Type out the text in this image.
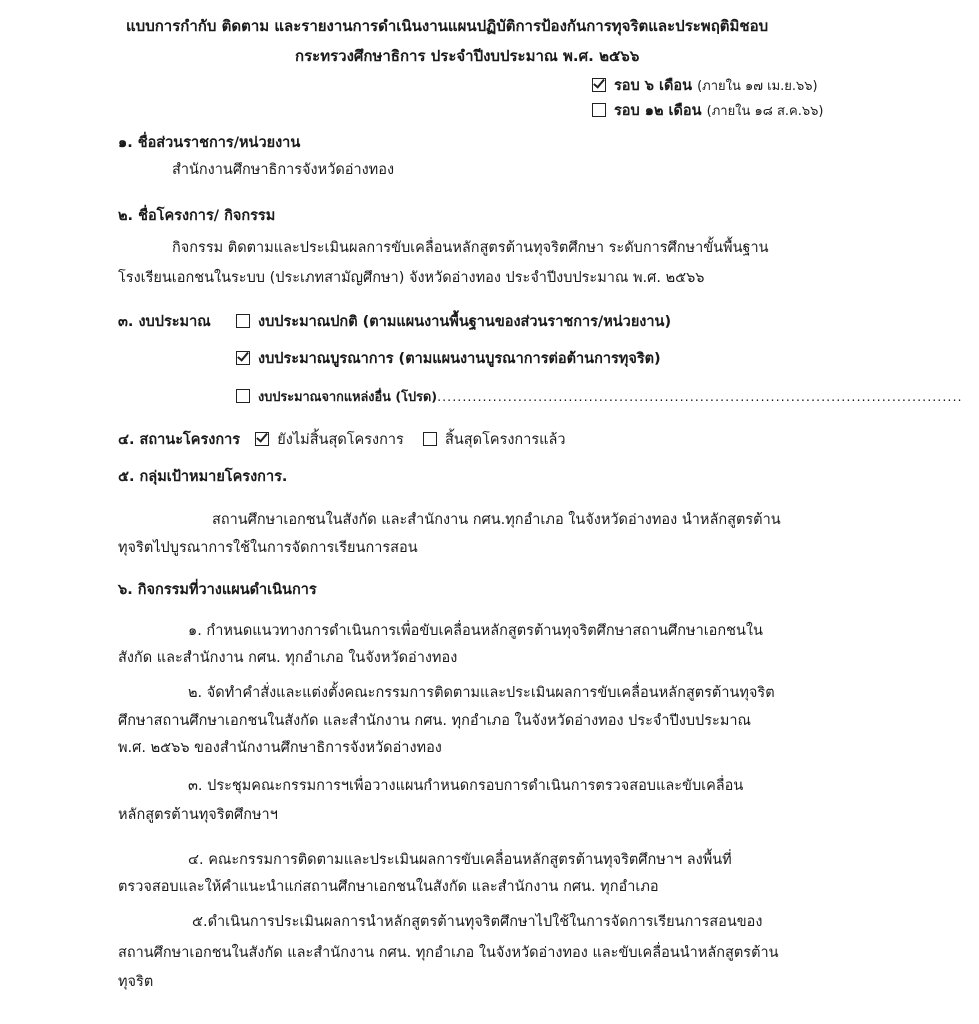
แบบการกำกับ ติดตาม และรายงานการดำเนินงานแผนปฏิบัติการป้องกันการทุจริตและประพฤติมิชอบ
กระทรวงศึกษาธิการ ประจำปีงบประมาณ พ.ศ. ๒๕๖๖
รอบ ๖ เดือน (ภายใน ๑๗ เม.ย.๖๖)
รอบ ๑๒ เดือน (ภายใน ๑๘ ส.ค.๖๖)
๑. ชื่อส่วนราชการ/หน่วยงาน
สำนักงานศึกษาธิการจังหวัดอ่างทอง
๒. ชื่อโครงการ/ กิจกรรม
กิจกรรม ติดตามและประเมินผลการขับเคลื่อนหลักสูตรต้านทุจริตศึกษา ระดับการศึกษาขั้นพื้นฐาน
โรงเรียนเอกชนในระบบ (ประเภทสามัญศึกษา) จังหวัดอ่างทอง ประจำปีงบประมาณ พ.ศ. ๒๕๖๖
๓. งบประมาณ	งบประมาณปกติ (ตามแผนงานพื้นฐานของส่วนราชการ/หน่วยงาน)
งบประมาณบูรณาการ (ตามแผนงานบูรณาการต่อต้านการทุจริต)
งบประมาณจากแหล่งอื่น (โปรด)........................................................................................................
๔. สถานะโครงการ	ยังไม่สิ้นสุดโครงการ	สิ้นสุดโครงการแล้ว
๕. กลุ่มเป้าหมายโครงการ.
สถานศึกษาเอกชนในสังกัด และสำนักงาน กศน.ทุกอำเภอ ในจังหวัดอ่างทอง นำหลักสูตรต้าน
ทุจริตไปบูรณาการใช้ในการจัดการเรียนการสอน
๖. กิจกรรมที่วางแผนดำเนินการ
๑. กำหนดแนวทางการดำเนินการเพื่อขับเคลื่อนหลักสูตรต้านทุจริตศึกษาสถานศึกษาเอกชนใน
สังกัด และสำนักงาน กศน. ทุกอำเภอ ในจังหวัดอ่างทอง
๒. จัดทำคำสั่งและแต่งตั้งคณะกรรมการติดตามและประเมินผลการขับเคลื่อนหลักสูตรต้านทุจริต
ศึกษาสถานศึกษาเอกชนในสังกัด และสำนักงาน กศน. ทุกอำเภอ ในจังหวัดอ่างทอง ประจำปีงบประมาณ
พ.ศ. ๒๕๖๖ ของสำนักงานศึกษาธิการจังหวัดอ่างทอง
๓. ประชุมคณะกรรมการฯเพื่อวางแผนกำหนดกรอบการดำเนินการตรวจสอบและขับเคลื่อน
หลักสูตรต้านทุจริตศึกษาฯ
๔. คณะกรรมการติดตามและประเมินผลการขับเคลื่อนหลักสูตรต้านทุจริตศึกษาฯ ลงพื้นที่
ตรวจสอบและให้คำแนะนำแก่สถานศึกษาเอกชนในสังกัด และสำนักงาน กศน. ทุกอำเภอ
๕.ดำเนินการประเมินผลการนำหลักสูตรต้านทุจริตศึกษาไปใช้ในการจัดการเรียนการสอนของ
สถานศึกษาเอกชนในสังกัด และสำนักงาน กศน. ทุกอำเภอ ในจังหวัดอ่างทอง และขับเคลื่อนนำหลักสูตรต้าน
ทุจริต
